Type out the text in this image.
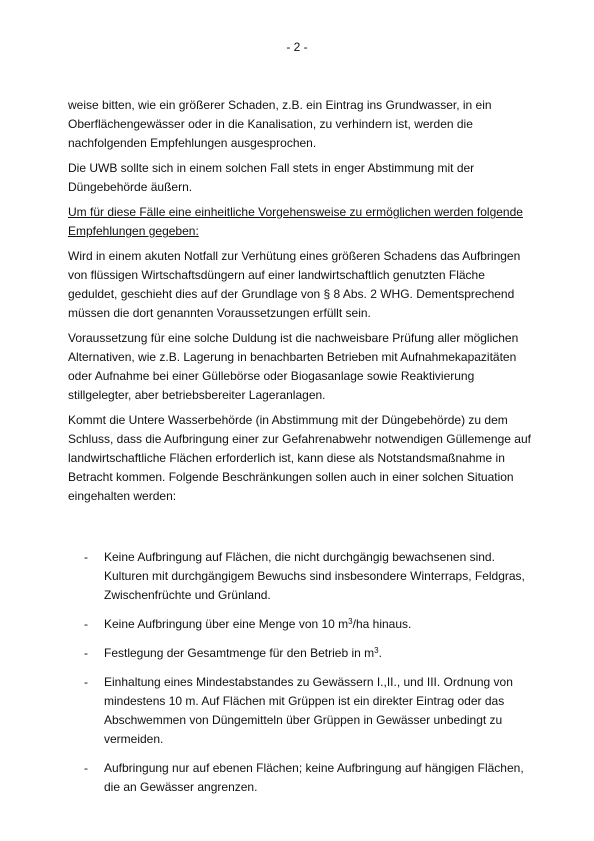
- 2 -

weise bitten, wie ein größerer Schaden, z.B. ein Eintrag ins Grundwasser, in ein Oberflächengewässer oder in die Kanalisation, zu verhindern ist, werden die nachfolgenden Empfehlungen ausgesprochen.

Die UWB sollte sich in einem solchen Fall stets in enger Abstimmung mit der Düngebehörde äußern.

Um für diese Fälle eine einheitliche Vorgehensweise zu ermöglichen werden folgende Empfehlungen gegeben:

Wird in einem akuten Notfall zur Verhütung eines größeren Schadens das Aufbringen von flüssigen Wirtschaftsdüngern auf einer landwirtschaftlich genutzten Fläche geduldet, geschieht dies auf der Grundlage von § 8 Abs. 2 WHG. Dementsprechend müssen die dort genannten Voraussetzungen erfüllt sein.

Voraussetzung für eine solche Duldung ist die nachweisbare Prüfung aller möglichen Alternativen, wie z.B. Lagerung in benachbarten Betrieben mit Aufnahmekapazitäten oder Aufnahme bei einer Güllebörse oder Biogasanlage sowie Reaktivierung stillgelegter, aber betriebsbereiter Lageranlagen.

Kommt die Untere Wasserbehörde (in Abstimmung mit der Düngebehörde) zu dem Schluss, dass die Aufbringung einer zur Gefahrenabwehr notwendigen Güllemenge auf landwirtschaftliche Flächen erforderlich ist, kann diese als Notstandsmaßnahme in Betracht kommen. Folgende Beschränkungen sollen auch in einer solchen Situation eingehalten werden:

- Keine Aufbringung auf Flächen, die nicht durchgängig bewachsenen sind. Kulturen mit durchgängigem Bewuchs sind insbesondere Winterraps, Feldgras, Zwischenfrüchte und Grünland.
- Keine Aufbringung über eine Menge von 10 $m^3/ha$ hinaus.
- Festlegung der Gesamtmenge für den Betrieb in $m^3$.
- Einhaltung eines Mindestabstandes zu Gewässern I.,II., und III. Ordnung von mindestens 10 m. Auf Flächen mit Grüppen ist ein direkter Eintrag oder das Abschwemmen von Düngemitteln über Grüppen in Gewässer unbedingt zu vermeiden.
- Aufbringung nur auf ebenen Flächen; keine Aufbringung auf hängigen Flächen, die an Gewässer angrenzen.
